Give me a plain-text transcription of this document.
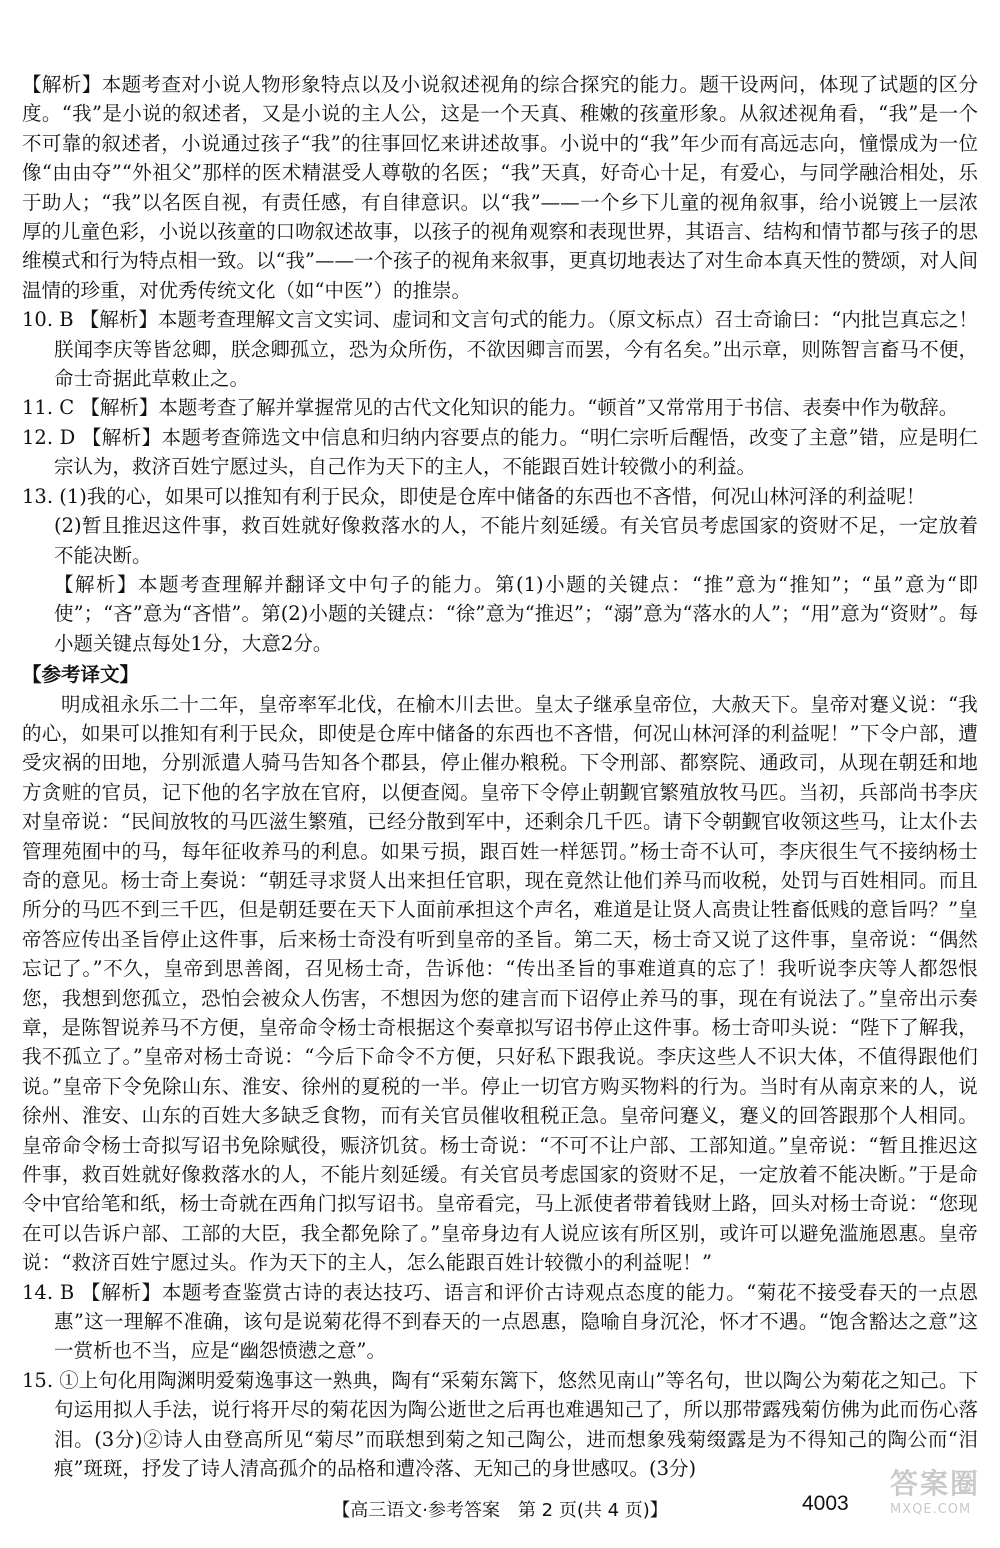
【解析】本题考查对小说人物形象特点以及小说叙述视角的综合探究的能力。题干设两问，体现了试题的区分度。“我”是小说的叙述者，又是小说的主人公，这是一个天真、稚嫩的孩童形象。从叙述视角看，“我”是一个不可靠的叙述者，小说通过孩子“我”的往事回忆来讲述故事。小说中的“我”年少而有高远志向，憧憬成为一位像“由由夺”“外祖父”那样的医术精湛受人尊敬的名医；“我”天真，好奇心十足，有爱心，与同学融洽相处，乐于助人；“我”以名医自视，有责任感，有自律意识。以“我”——一个乡下儿童的视角叙事，给小说镀上一层浓厚的儿童色彩，小说以孩童的口吻叙述故事，以孩子的视角观察和表现世界，其语言、结构和情节都与孩子的思维模式和行为特点相一致。以“我”——一个孩子的视角来叙事，更真切地表达了对生命本真天性的赞颂，对人间温情的珍重，对优秀传统文化（如“中医”）的推崇。

10. B 【解析】本题考查理解文言文实词、虚词和文言句式的能力。（原文标点）召士奇谕曰：“内批岂真忘之！朕闻李庆等皆忿卿，朕念卿孤立，恐为众所伤，不欲因卿言而罢，今有名矣。”出示章，则陈智言畜马不便，命士奇据此草敕止之。

11. C 【解析】本题考查了解并掌握常见的古代文化知识的能力。“顿首”又常常用于书信、表奏中作为敬辞。

12. D 【解析】本题考查筛选文中信息和归纳内容要点的能力。“明仁宗听后醒悟，改变了主意”错，应是明仁宗认为，救济百姓宁愿过头，自己作为天下的主人，不能跟百姓计较微小的利益。

13. (1)我的心，如果可以推知有利于民众，即使是仓库中储备的东西也不吝惜，何况山林河泽的利益呢！

(2)暂且推迟这件事，救百姓就好像救落水的人，不能片刻延缓。有关官员考虑国家的资财不足，一定放着不能决断。

【解析】本题考查理解并翻译文中句子的能力。第(1)小题的关键点：“推”意为“推知”；“虽”意为“即使”；“吝”意为“吝惜”。第(2)小题的关键点：“徐”意为“推迟”；“溺”意为“落水的人”；“用”意为“资财”。每小题关键点每处1分，大意2分。

【参考译文】

明成祖永乐二十二年，皇帝率军北伐，在榆木川去世。皇太子继承皇帝位，大赦天下。皇帝对蹇义说：“我的心，如果可以推知有利于民众，即使是仓库中储备的东西也不吝惜，何况山林河泽的利益呢！”下令户部，遭受灾祸的田地，分别派遣人骑马告知各个郡县，停止催办粮税。下令刑部、都察院、通政司，从现在朝廷和地方贪赃的官员，记下他的名字放在官府，以便查阅。皇帝下令停止朝觐官繁殖放牧马匹。当初，兵部尚书李庆对皇帝说：“民间放牧的马匹滋生繁殖，已经分散到军中，还剩余几千匹。请下令朝觐官收领这些马，让太仆去管理苑囿中的马，每年征收养马的利息。如果亏损，跟百姓一样惩罚。”杨士奇不认可，李庆很生气不接纳杨士奇的意见。杨士奇上奏说：“朝廷寻求贤人出来担任官职，现在竟然让他们养马而收税，处罚与百姓相同。而且所分的马匹不到三千匹，但是朝廷要在天下人面前承担这个声名，难道是让贤人高贵让牲畜低贱的意旨吗？”皇帝答应传出圣旨停止这件事，后来杨士奇没有听到皇帝的圣旨。第二天，杨士奇又说了这件事，皇帝说：“偶然忘记了。”不久，皇帝到思善阁，召见杨士奇，告诉他：“传出圣旨的事难道真的忘了！我听说李庆等人都怨恨您，我想到您孤立，恐怕会被众人伤害，不想因为您的建言而下诏停止养马的事，现在有说法了。”皇帝出示奏章，是陈智说养马不方便，皇帝命令杨士奇根据这个奏章拟写诏书停止这件事。杨士奇叩头说：“陛下了解我，我不孤立了。”皇帝对杨士奇说：“今后下命令不方便，只好私下跟我说。李庆这些人不识大体，不值得跟他们说。”皇帝下令免除山东、淮安、徐州的夏税的一半。停止一切官方购买物料的行为。当时有从南京来的人，说徐州、淮安、山东的百姓大多缺乏食物，而有关官员催收租税正急。皇帝问蹇义，蹇义的回答跟那个人相同。皇帝命令杨士奇拟写诏书免除赋役，赈济饥贫。杨士奇说：“不可不让户部、工部知道。”皇帝说：“暂且推迟这件事，救百姓就好像救落水的人，不能片刻延缓。有关官员考虑国家的资财不足，一定放着不能决断。”于是命令中官给笔和纸，杨士奇就在西角门拟写诏书。皇帝看完，马上派使者带着钱财上路，回头对杨士奇说：“您现在可以告诉户部、工部的大臣，我全都免除了。”皇帝身边有人说应该有所区别，或许可以避免滥施恩惠。皇帝说：“救济百姓宁愿过头。作为天下的主人，怎么能跟百姓计较微小的利益呢！”

14. B 【解析】本题考查鉴赏古诗的表达技巧、语言和评价古诗观点态度的能力。“菊花不接受春天的一点恩惠”这一理解不准确，该句是说菊花得不到春天的一点恩惠，隐喻自身沉沦，怀才不遇。“饱含豁达之意”这一赏析也不当，应是“幽怨愤懑之意”。

15. ①上句化用陶渊明爱菊逸事这一熟典，陶有“采菊东篱下，悠然见南山”等名句，世以陶公为菊花之知己。下句运用拟人手法，说行将开尽的菊花因为陶公逝世之后再也难遇知己了，所以那带露残菊仿佛为此而伤心落泪。(3分)②诗人由登高所见“菊尽”而联想到菊之知己陶公，进而想象残菊缀露是为不得知己的陶公而“泪痕”斑斑，抒发了诗人清高孤介的品格和遭冷落、无知己的身世感叹。(3分)

【高三语文·参考答案　第 2 页(共 4 页)】	4003
答案圈
MXQE.COM
